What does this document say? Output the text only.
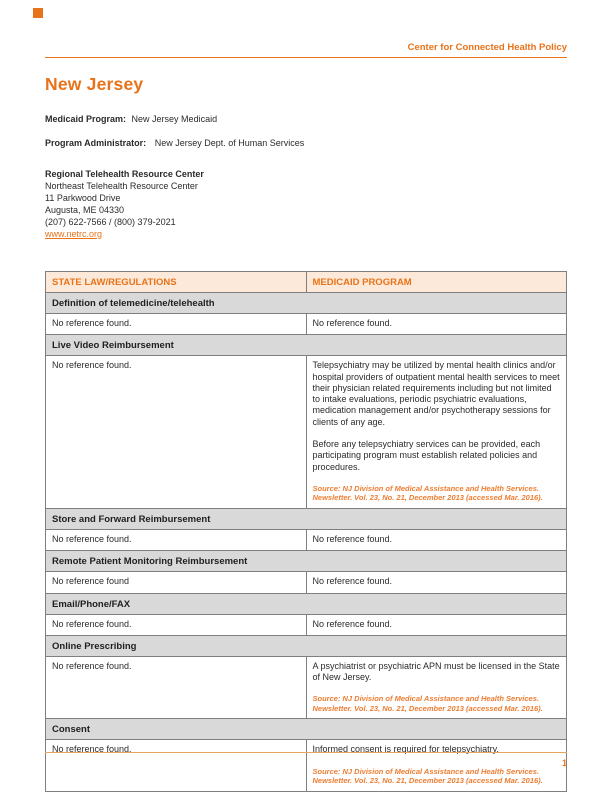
Center for Connected Health Policy
New Jersey

Medicaid Program: New Jersey Medicaid

Program Administrator: New Jersey Dept. of Human Services

Regional Telehealth Resource Center
Northeast Telehealth Resource Center
11 Parkwood Drive
Augusta, ME 04330
(207) 622-7566 / (800) 379-2021
www.netrc.org
STATE LAW/REGULATIONS	MEDICAID PROGRAM
Definition of telemedicine/telehealth	

No reference found.	No reference found.

Live Video Reimbursement	

No reference found.	Telepsychiatry may be utilized by mental health clinics and/or hospital providers of outpatient mental health services to meet their physician related requirements including but not limited to intake evaluations, periodic psychiatric evaluations, medication management and/or psychotherapy sessions for clients of any age.

Before any telepsychiatry services can be provided, each participating program must establish related policies and procedures.

Source: NJ Division of Medical Assistance and Health Services. Newsletter. Vol. 23, No. 21, December 2013 (accessed Mar. 2016).

Store and Forward Reimbursement	

No reference found.	No reference found.

Remote Patient Monitoring Reimbursement	

No reference found	No reference found.

Email/Phone/FAX	

No reference found.	No reference found.

Online Prescribing	

No reference found.	A psychiatrist or psychiatric APN must be licensed in the State of New Jersey.

Source: NJ Division of Medical Assistance and Health Services. Newsletter. Vol. 23, No. 21, December 2013 (accessed Mar. 2016).

Consent	

No reference found.	Informed consent is required for telepsychiatry.

Source: NJ Division of Medical Assistance and Health Services. Newsletter. Vol. 23, No. 21, December 2013 (accessed Mar. 2016).

1
